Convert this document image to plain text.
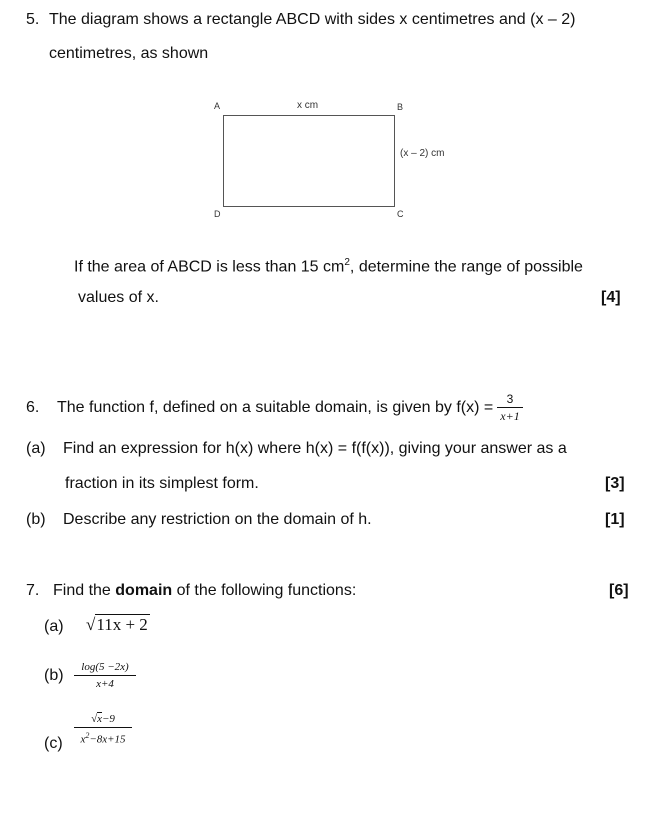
5. The diagram shows a rectangle ABCD with sides x centimetres and (x – 2)
centimetres, as shown
A	B
C
D
x cm
(x – 2) cm
If the area of ABCD is less than 15 $cm^2$, determine the range of possible
values of x.	[4]
6. The function f, defined on a suitable domain, is given by f(x) =	3
x+1
(a) Find an expression for h(x) where h(x) = f(f(x)), giving your answer as a
fraction in its simplest form.	[3]
(b) Describe any restriction on the domain of h.	[1]
7. Find the domain of the following functions:	[6]
(a) √11x + 2
(b)	log(5 −2x)
x+4
√x−9
$x^2-8x+15$
(c)
